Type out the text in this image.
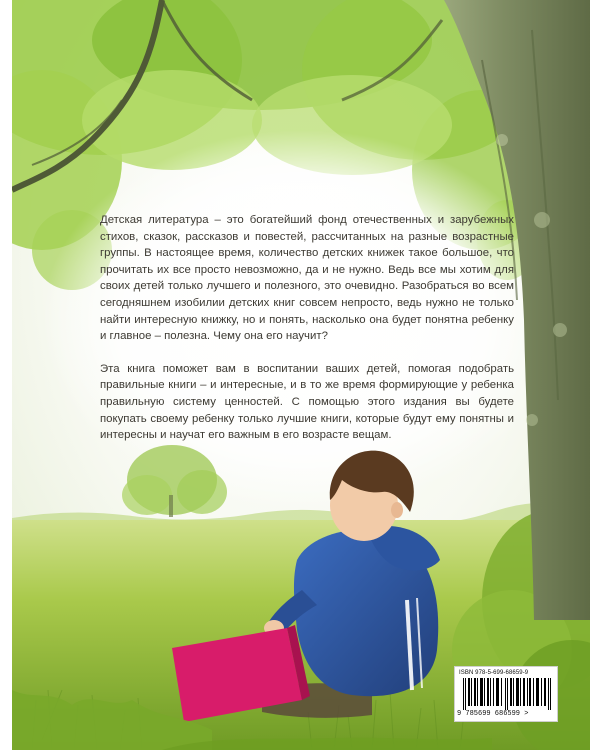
Детская литература – это богатейший фонд отечественных и зарубежных стихов, сказок, рассказов и повестей, рассчитанных на разные возрастные группы. В настоящее время, количество детских книжек такое большое, что прочитать их все просто невозможно, да и не нужно. Ведь все мы хотим для своих детей только лучшего и полезного, это очевидно. Разобраться во всем сегодняшнем изобилии детских книг совсем непросто, ведь нужно не только найти интересную книжку, но и понять, насколько она будет понятна ребенку и главное – полезна. Чему она его научит?

Эта книга поможет вам в воспитании ваших детей, помогая подобрать правильные книги – и интересные, и в то же время формирующие у ребенка правильную систему ценностей. С помощью этого издания вы будете покупать своему ребенку только лучшие книги, которые будут ему понятны и интересны и научат его важным в его возрасте вещам.

ISBN 978-5-699-68659-9
9 785699 686599 >
